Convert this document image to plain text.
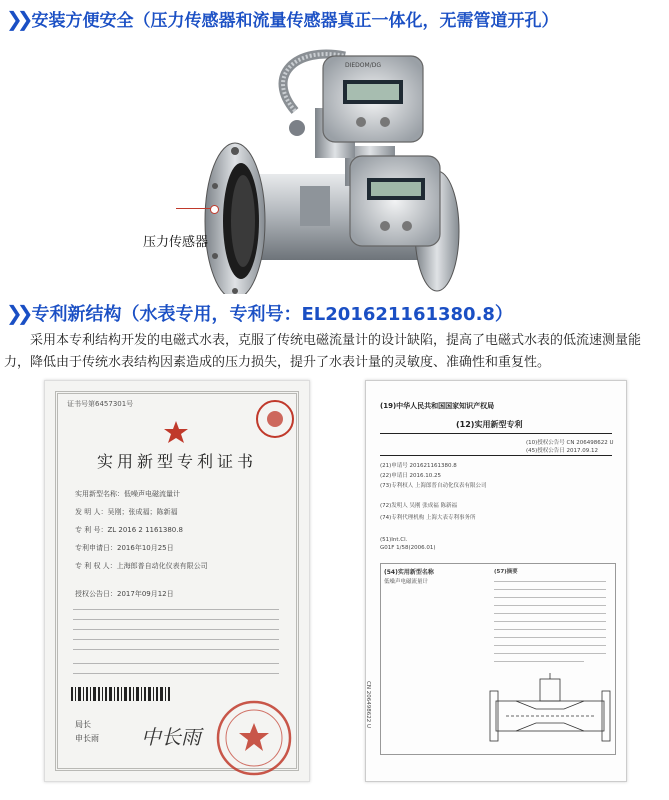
❯❯ 安装方便安全（压力传感器和流量传感器真正一体化，无需管道开孔）
DIEDOM/DG
压力传感器
❯❯ 专利新结构（水表专用，专利号：EL201621161380.8）
采用本专利结构开发的电磁式水表，克服了传统电磁流量计的设计缺陷，提高了电磁式水表的低流速测量能力，降低由于传统水表结构因素造成的压力损失，提升了水表计量的灵敏度、准确性和重复性。
证书号第6457301号
实用新型专利证书
实用新型名称：低噪声电磁流量计
发 明 人：吴刚；张成福；陈新福
专 利 号：ZL 2016 2 1161380.8
专利申请日：2016年10月25日
专 利 权 人：上海郎普自动化仪表有限公司
授权公告日：2017年09月12日
局长
申长雨 中长雨
(19)中华人民共和国国家知识产权局
(12)实用新型专利
(10)授权公告号 CN 206498622 U
(45)授权公告日 2017.09.12
(21)申请号 201621161380.8
(22)申请日 2016.10.25
(73)专利权人 上海郎普自动化仪表有限公司
(72)发明人 吴刚 张成福 陈新福
(74)专利代理机构 上海大表专利事务所
(51)Int.Cl.
G01F 1/58(2006.01)
(54)实用新型名称
低噪声电磁流量计
(57)摘要
CN 206498622 U
